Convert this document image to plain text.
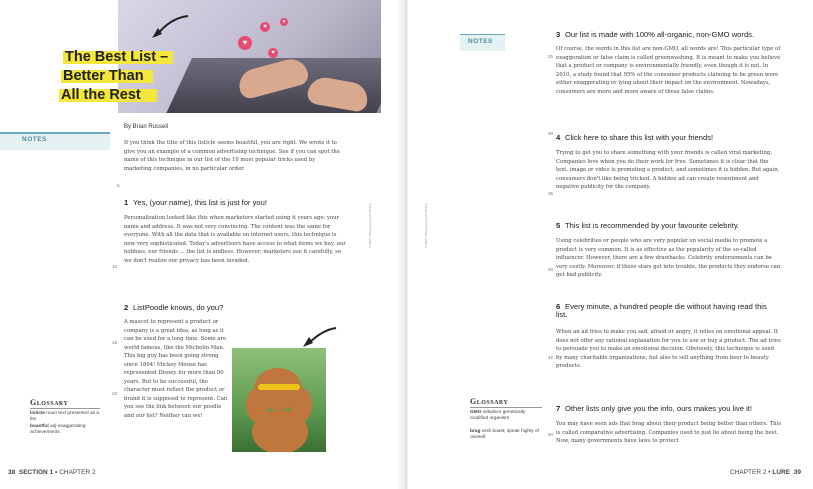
NOTES
♥
♥
♥
♥
The Best List –
Better Than
All the Rest
By Brian Russell
If you think the title of this listicle seems boastful, you are right. We wrote it to give you an example of a common advertising technique. See if you can spot the name of this technique in our list of the 10 most popular tricks used by marketing companies, in no particular order.
1 Yes, (your name), this list is just for you!
Personalization looked like this when marketers started using it years ago: your name and address. It was not very convincing. The content was the same for everyone. With all the data that is available on internet users, this technique is now very sophisticated. Today's advertisers have access to what items we buy, our hobbies, our friends ... the list is endless. However, marketers use it carefully, so we don't realize our privacy has been invaded.
2 ListPoodle knows, do you?
A mascot to represent a product or company is a great idea, as long as it can be used for a long time. Some are world famous, like the Michelin Man. This big guy has been going strong since 1894! Mickey Mouse has represented Disney for more than 90 years. But to be successful, the character must reflect the product or brand it is supposed to represent. Can you see the link between our poodle and our list? Neither can we!
5
10
15
20
Glossary
listicle noun text presented as a list
boastful adj exaggerating achievements
38 SECTION 1 • CHAPTER 2
© ERPI • Reproduction prohibited
NOTES
© ERPI • Reproduction prohibited
3 Our list is made with 100% all-organic, non-GMO words.
Of course, the words in this list are non-GMO, all words are! This particular type of exaggeration or false claim is called greenwashing. It is meant to make you believe that a product or company is environmentally friendly, even though it is not. In 2010, a study found that 95% of the consumer products claiming to be green were either exaggerating or lying about their impact on the environment. Nowadays, consumers are more and more aware of these false claims.
4 Click here to share this list with your friends!
Trying to get you to share something with your friends is called viral marketing. Companies love when you do their work for free. Sometimes it is clear that the text, image or video is promoting a product, and sometimes it is hidden. But again, consumers don't like being tricked. A hidden ad can create resentment and negative publicity for the company.
5 This list is recommended by your favourite celebrity.
Using celebrities or people who are very popular on social media to promote a product is very common. It is as effective as the popularity of the so-called influencer. However, there are a few drawbacks. Celebrity endorsements can be very costly. Moreover, if these stars get into trouble, the products they endorse can get bad publicity.
6 Every minute, a hundred people die without having read this list.
When an ad tries to make you sad, afraid or angry, it relies on emotional appeal. It does not offer any rational explanation for you to use or buy a product. The ad tries to persuade you to make an emotional decision. Obviously, this technique is used by many charitable organizations, but also to sell anything from beer to beauty products.
7 Other lists only give you the info, ours makes you live it!
You may have seen ads that brag about their product being better than others. This is called comparative advertising. Companies used to just lie about being the best. Now, many governments have laws to protect
25
30
35
40
45
50
Glossary
GMO initialism genetically modified organism
brag verb boast; speak highly of oneself
CHAPTER 2 • LURE 39
